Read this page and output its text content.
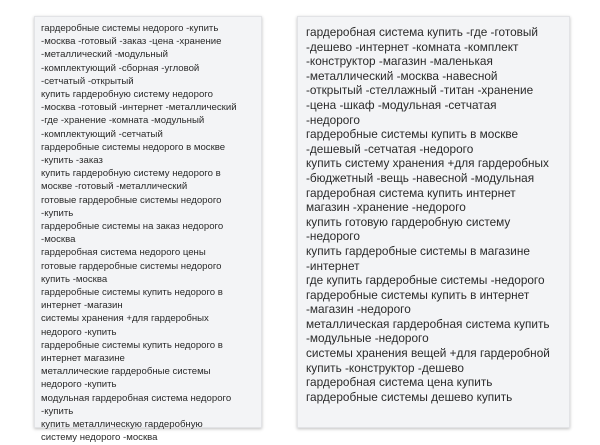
гардеробные системы недорого -купить
-москва -готовый -заказ -цена -хранение
-металлический -модульный
-комплектующий -сборная -угловой
-сетчатый -открытый
купить гардеробную систему недорого
-москва -готовый -интернет -металлический
-где -хранение -комната -модульный
-комплектующий -сетчатый
гардеробные системы недорого в москве
-купить -заказ
купить гардеробную систему недорого в
москве -готовый -металлический
готовые гардеробные системы недорого
-купить
гардеробные системы на заказ недорого
-москва
гардеробная система недорого цены
готовые гардеробные системы недорого
купить -москва
гардеробные системы купить недорого в
интернет -магазин
системы хранения +для гардеробных
недорого -купить
гардеробные системы купить недорого в
интернет магазине
металлические гардеробные системы
недорого -купить
модульная гардеробная система недорого
-купить
купить металлическую гардеробную
систему недорого -москва
гардеробная система купить -где -готовый
-дешево -интернет -комната -комплект
-конструктор -магазин -маленькая
-металлический -москва -навесной
-открытый -стеллажный -титан -хранение
-цена -шкаф -модульная -сетчатая
-недорого
гардеробные системы купить в москве
-дешевый -сетчатая -недорого
купить систему хранения +для гардеробных
-бюджетный -вещь -навесной -модульная
гардеробная система купить интернет
магазин -хранение -недорого
купить готовую гардеробную систему
-недорого
купить гардеробные системы в магазине
-интернет
где купить гардеробные системы -недорого
гардеробные системы купить в интернет
-магазин -недорого
металлическая гардеробная система купить
-модульные -недорого
системы хранения вещей +для гардеробной
купить -конструктор -дешево
гардеробная система цена купить
гардеробные системы дешево купить
